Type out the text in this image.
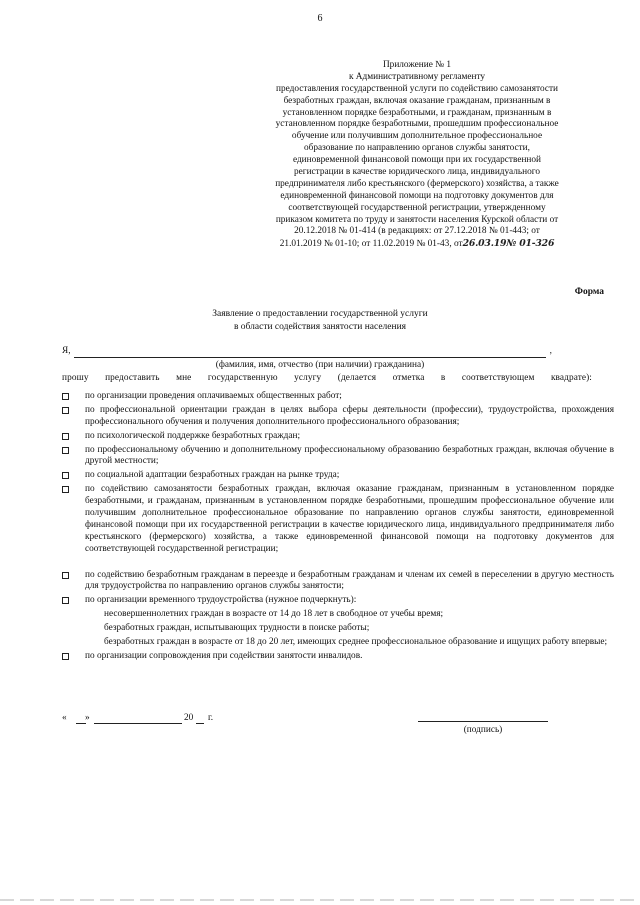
6
Приложение № 1
к Административному регламенту
предоставления государственной услуги по содействию самозанятости
безработных граждан, включая оказание гражданам, признанным в
установленном порядке безработными, и гражданам, признанным в
установленном порядке безработными, прошедшим профессиональное
обучение или получившим дополнительное профессиональное
образование по направлению органов службы занятости,
единовременной финансовой помощи при их государственной
регистрации в качестве юридического лица, индивидуального
предпринимателя либо крестьянского (фермерского) хозяйства, а также
единовременной финансовой помощи на подготовку документов для
соответствующей государственной регистрации, утвержденному
приказом комитета по труду и занятости населения Курской области от
20.12.2018 № 01-414 (в редакциях: от 27.12.2018 № 01-443; от
21.01.2019 № 01-10; от 11.02.2019 № 01-43, от26.03.19№ 01-326
Форма
Заявление о предоставлении государственной услуги
в области содействия занятости населения
Я,	,
(фамилия, имя, отчество (при наличии) гражданина)
прошу предоставить мне государственную услугу (делается отметка в соответствующем квадрате):
по организации проведения оплачиваемых общественных работ;
по профессиональной ориентации граждан в целях выбора сферы деятельности (профессии), трудоустройства, прохождения профессионального обучения и получения дополнительного профессионального образования;
по психологической поддержке безработных граждан;
по профессиональному обучению и дополнительному профессиональному образованию безработных граждан, включая обучение в другой местности;
по социальной адаптации безработных граждан на рынке труда;
по содействию самозанятости безработных граждан, включая оказание гражданам, признанным в установленном порядке безработными, и гражданам, признанным в установленном порядке безработными, прошедшим профессиональное обучение или получившим дополнительное профессиональное образование по направлению органов службы занятости, единовременной финансовой помощи при их государственной регистрации в качестве юридического лица, индивидуального предпринимателя либо крестьянского (фермерского) хозяйства, а также единовременной финансовой помощи на подготовку документов для соответствующей государственной регистрации;
по содействию безработным гражданам в переезде и безработным гражданам и членам их семей в переселении в другую местность для трудоустройства по направлению органов службы занятости;
по организации временного трудоустройства (нужное подчеркнуть):
несовершеннолетних граждан в возрасте от 14 до 18 лет в свободное от учебы время;
безработных граждан, испытывающих трудности в поиске работы;
безработных граждан в возрасте от 18 до 20 лет, имеющих среднее профессиональное образование и ищущих работу впервые;
по организации сопровождения при содействии занятости инвалидов.
« »	20 г.
(подпись)
